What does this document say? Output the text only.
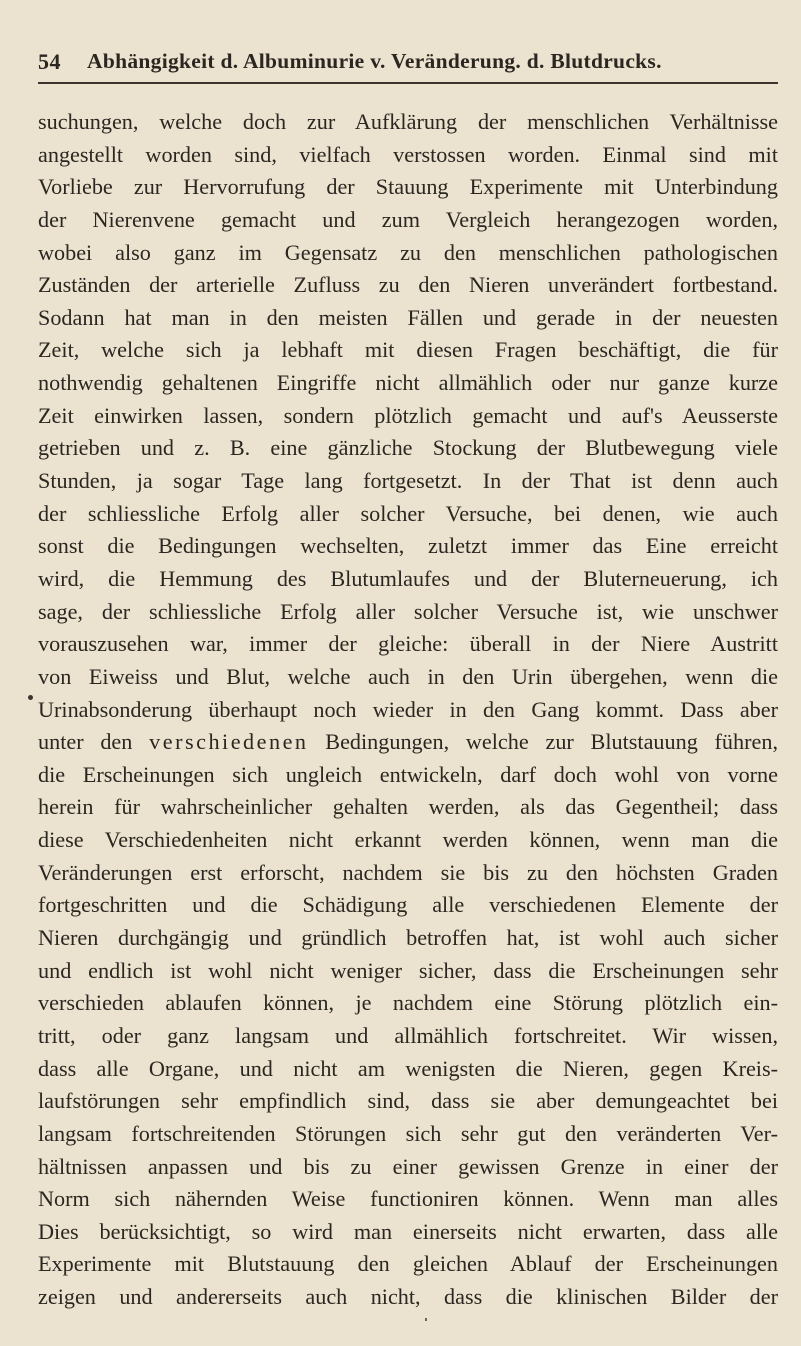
54 Abhängigkeit d. Albuminurie v. Veränderung. d. Blutdrucks.
suchungen, welche doch zur Aufklärung der menschlichen Verhältnisse
angestellt worden sind, vielfach verstossen worden. Einmal sind mit
Vorliebe zur Hervorrufung der Stauung Experimente mit Unterbindung
der Nierenvene gemacht und zum Vergleich herangezogen worden,
wobei also ganz im Gegensatz zu den menschlichen pathologischen
Zuständen der arterielle Zufluss zu den Nieren unverändert fortbestand.
Sodann hat man in den meisten Fällen und gerade in der neuesten
Zeit, welche sich ja lebhaft mit diesen Fragen beschäftigt, die für
nothwendig gehaltenen Eingriffe nicht allmählich oder nur ganze kurze
Zeit einwirken lassen, sondern plötzlich gemacht und auf's Aeusserste
getrieben und z. B. eine gänzliche Stockung der Blutbewegung viele
Stunden, ja sogar Tage lang fortgesetzt. In der That ist denn auch
der schliessliche Erfolg aller solcher Versuche, bei denen, wie auch
sonst die Bedingungen wechselten, zuletzt immer das Eine erreicht
wird, die Hemmung des Blutumlaufes und der Bluterneuerung, ich
sage, der schliessliche Erfolg aller solcher Versuche ist, wie unschwer
vorauszusehen war, immer der gleiche: überall in der Niere Austritt
von Eiweiss und Blut, welche auch in den Urin übergehen, wenn die
Urinabsonderung überhaupt noch wieder in den Gang kommt. Dass aber
unter den verschiedenen Bedingungen, welche zur Blutstauung führen,
die Erscheinungen sich ungleich entwickeln, darf doch wohl von vorne
herein für wahrscheinlicher gehalten werden, als das Gegentheil; dass
diese Verschiedenheiten nicht erkannt werden können, wenn man die
Veränderungen erst erforscht, nachdem sie bis zu den höchsten Graden
fortgeschritten und die Schädigung alle verschiedenen Elemente der
Nieren durchgängig und gründlich betroffen hat, ist wohl auch sicher
und endlich ist wohl nicht weniger sicher, dass die Erscheinungen sehr
verschieden ablaufen können, je nachdem eine Störung plötzlich ein-
tritt, oder ganz langsam und allmählich fortschreitet. Wir wissen,
dass alle Organe, und nicht am wenigsten die Nieren, gegen Kreis-
laufstörungen sehr empfindlich sind, dass sie aber demungeachtet bei
langsam fortschreitenden Störungen sich sehr gut den veränderten Ver-
hältnissen anpassen und bis zu einer gewissen Grenze in einer der
Norm sich nähernden Weise functioniren können. Wenn man alles
Dies berücksichtigt, so wird man einerseits nicht erwarten, dass alle
Experimente mit Blutstauung den gleichen Ablauf der Erscheinungen
zeigen und andererseits auch nicht, dass die klinischen Bilder der
